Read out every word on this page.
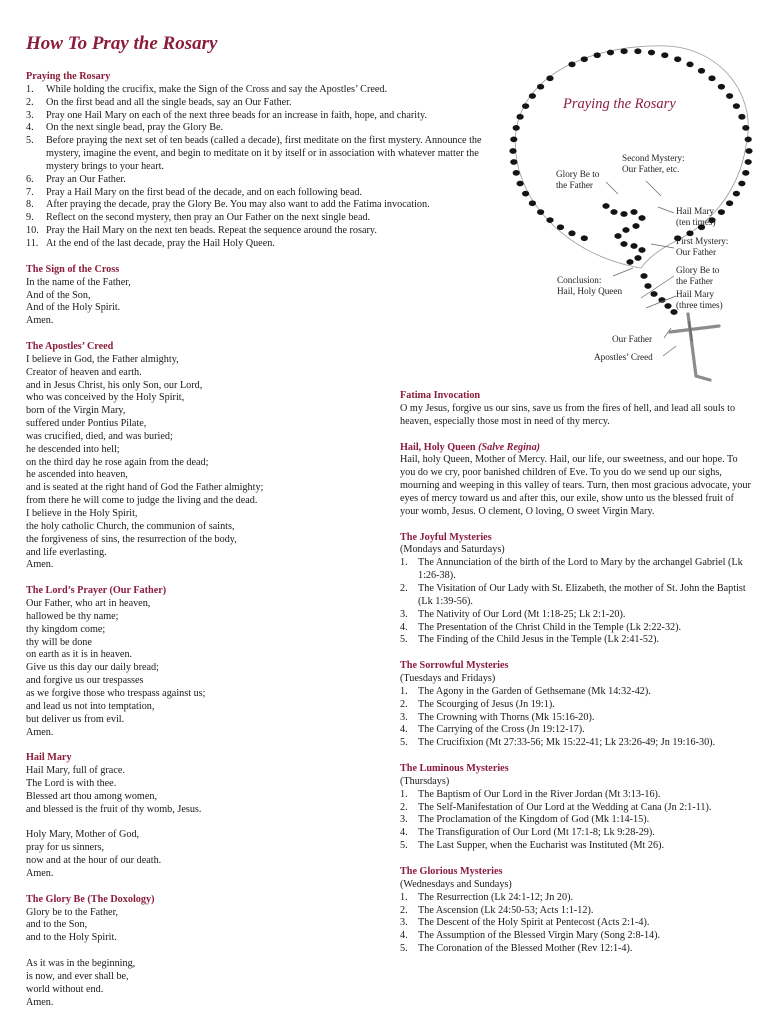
How To Pray the Rosary

Praying the Rosary

1. While holding the crucifix, make the Sign of the Cross and say the Apostles’ Creed.
2. On the first bead and all the single beads, say an Our Father.
3. Pray one Hail Mary on each of the next three beads for an increase in faith, hope, and charity.
4. On the next single bead, pray the Glory Be.
5. Before praying the next set of ten beads (called a decade), first meditate on the first mystery. Announce the mystery, imagine the event, and begin to meditate on it by itself or in association with whatever matter the mystery brings to your heart.
6. Pray an Our Father.
7. Pray a Hail Mary on the first bead of the decade, and on each following bead.
8. After praying the decade, pray the Glory Be. You may also want to add the Fatima invocation.
9. Reflect on the second mystery, then pray an Our Father on the next single bead.
10. Pray the Hail Mary on the next ten beads. Repeat the sequence around the rosary.
11. At the end of the last decade, pray the Hail Holy Queen.

The Sign of the Cross

In the name of the Father,

And of the Son,

And of the Holy Spirit.

Amen.

The Apostles’ Creed

I believe in God, the Father almighty,

Creator of heaven and earth.

and in Jesus Christ, his only Son, our Lord,

who was conceived by the Holy Spirit,

born of the Virgin Mary,

suffered under Pontius Pilate,

was crucified, died, and was buried;

he descended into hell;

on the third day he rose again from the dead;

he ascended into heaven,

and is seated at the right hand of God the Father almighty;

from there he will come to judge the living and the dead.

I believe in the Holy Spirit,

the holy catholic Church, the communion of saints,

the forgiveness of sins, the resurrection of the body,

and life everlasting.

Amen.

The Lord’s Prayer (Our Father)

Our Father, who art in heaven,

hallowed be thy name;

thy kingdom come;

thy will be done

on earth as it is in heaven.

Give us this day our daily bread;

and forgive us our trespasses

as we forgive those who trespass against us;

and lead us not into temptation,

but deliver us from evil.

Amen.

Hail Mary

Hail Mary, full of grace.

The Lord is with thee.

Blessed art thou among women,

and blessed is the fruit of thy womb, Jesus.

Holy Mary, Mother of God,

pray for us sinners,

now and at the hour of our death.

Amen.

The Glory Be (The Doxology)

Glory be to the Father,

and to the Son,

and to the Holy Spirit.

As it was in the beginning,

is now, and ever shall be,

world without end.

Amen.

Praying the Rosary
Second Mystery:
Our Father, etc.
Glory Be to
the Father
Hail Mary
(ten times)
First Mystery:
Our Father
Glory Be to
the Father
Conclusion:
Hail, Holy Queen	Hail Mary
(three times)
Our Father
Apostles’ Creed

Fatima Invocation

O my Jesus, forgive us our sins, save us from the fires of hell, and lead all souls to heaven, especially those most in need of thy mercy.

Hail, Holy Queen (Salve Regina)

Hail, holy Queen, Mother of Mercy. Hail, our life, our sweetness, and our hope. To you do we cry, poor banished children of Eve. To you do we send up our sighs, mourning and weeping in this valley of tears. Turn, then most gracious advocate, your eyes of mercy toward us and after this, our exile, show unto us the blessed fruit of your womb, Jesus. O clement, O loving, O sweet Virgin Mary.

The Joyful Mysteries

(Mondays and Saturdays)

1. The Annunciation of the birth of the Lord to Mary by the archangel Gabriel (Lk 1:26-38).
2. The Visitation of Our Lady with St. Elizabeth, the mother of St. John the Baptist (Lk 1:39-56).
3. The Nativity of Our Lord (Mt 1:18-25; Lk 2:1-20).
4. The Presentation of the Christ Child in the Temple (Lk 2:22-32).
5. The Finding of the Child Jesus in the Temple (Lk 2:41-52).

The Sorrowful Mysteries

(Tuesdays and Fridays)

1. The Agony in the Garden of Gethsemane (Mk 14:32-42).
2. The Scourging of Jesus (Jn 19:1).
3. The Crowning with Thorns (Mk 15:16-20).
4. The Carrying of the Cross (Jn 19:12-17).
5. The Crucifixion (Mt 27:33-56; Mk 15:22-41; Lk 23:26-49; Jn 19:16-30).

The Luminous Mysteries

(Thursdays)

1. The Baptism of Our Lord in the River Jordan (Mt 3:13-16).
2. The Self-Manifestation of Our Lord at the Wedding at Cana (Jn 2:1-11).
3. The Proclamation of the Kingdom of God (Mk 1:14-15).
4. The Transfiguration of Our Lord (Mt 17:1-8; Lk 9:28-29).
5. The Last Supper, when the Eucharist was Instituted (Mt 26).

The Glorious Mysteries

(Wednesdays and Sundays)

1. The Resurrection (Lk 24:1-12; Jn 20).
2. The Ascension (Lk 24:50-53; Acts 1:1-12).
3. The Descent of the Holy Spirit at Pentecost (Acts 2:1-4).
4. The Assumption of the Blessed Virgin Mary (Song 2:8-14).
5. The Coronation of the Blessed Mother (Rev 12:1-4).
